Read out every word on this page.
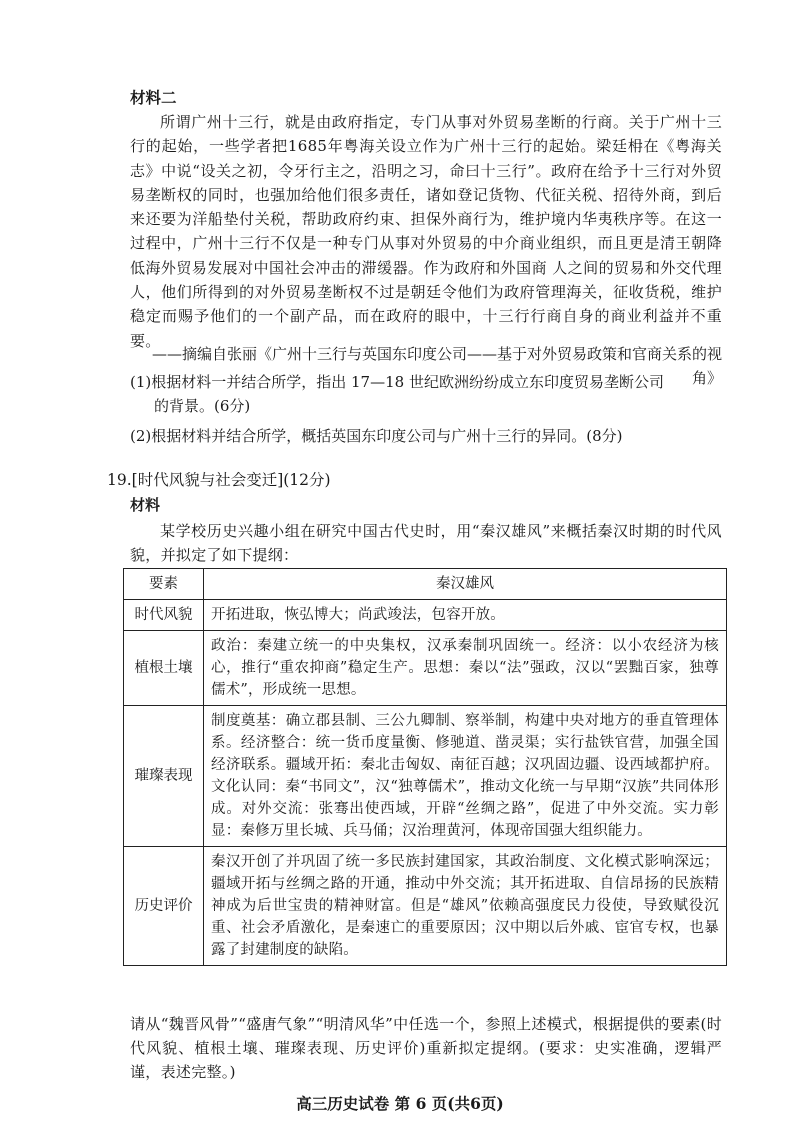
材料二
所谓广州十三行，就是由政府指定，专门从事对外贸易垄断的行商。关于广州十三行的起始，一些学者把1685年粤海关设立作为广州十三行的起始。梁廷枏在《粤海关志》中说“设关之初，令牙行主之，沿明之习，命曰十三行”。政府在给予十三行对外贸易垄断权的同时，也强加给他们很多责任，诸如登记货物、代征关税、招待外商，到后来还要为洋船垫付关税，帮助政府约束、担保外商行为，维护境内华夷秩序等。在这一过程中，广州十三行不仅是一种专门从事对外贸易的中介商业组织，而且更是清王朝降低海外贸易发展对中国社会冲击的滞缓器。作为政府和外国商 人之间的贸易和外交代理人，他们所得到的对外贸易垄断权不过是朝廷令他们为政府管理海关，征收货税，维护稳定而赐予他们的一个副产品，而在政府的眼中，十三行行商自身的商业利益并不重要。
——摘编自张丽《广州十三行与英国东印度公司——基于对外贸易政策和官商关系的视角》
(1)根据材料一并结合所学，指出 17—18 世纪欧洲纷纷成立东印度贸易垄断公司
的背景。(6分)
(2)根据材料并结合所学，概括英国东印度公司与广州十三行的异同。(8分)
19.[时代风貌与社会变迁](12分)
材料
某学校历史兴趣小组在研究中国古代史时，用“秦汉雄风”来概括秦汉时期的时代风貌，并拟定了如下提纲：
要素	秦汉雄风
时代风貌	开拓进取，恢弘博大；尚武竣法，包容开放。
植根土壤	政治：秦建立统一的中央集权，汉承秦制巩固统一。经济：以小农经济为核心，推行“重农抑商”稳定生产。思想：秦以“法”强政，汉以“罢黜百家，独尊儒术”，形成统一思想。
璀璨表现	制度奠基：确立郡县制、三公九卿制、察举制，构建中央对地方的垂直管理体系。经济整合：统一货币度量衡、修驰道、凿灵渠；实行盐铁官营，加强全国经济联系。疆域开拓：秦北击匈奴、南征百越；汉巩固边疆、设西域都护府。文化认同：秦“书同文”，汉“独尊儒术”，推动文化统一与早期“汉族”共同体形成。对外交流：张骞出使西域，开辟“丝绸之路”，促进了中外交流。实力彰显：秦修万里长城、兵马俑；汉治理黄河，体现帝国强大组织能力。
历史评价	秦汉开创了并巩固了统一多民族封建国家，其政治制度、文化模式影响深远；疆域开拓与丝绸之路的开通，推动中外交流；其开拓进取、自信昂扬的民族精神成为后世宝贵的精神财富。但是“雄风”依赖高强度民力役使，导致赋役沉重、社会矛盾激化，是秦速亡的重要原因；汉中期以后外戚、宦官专权，也暴露了封建制度的缺陷。
请从“魏晋风骨”“盛唐气象”“明清风华”中任选一个，参照上述模式，根据提供的要素(时代风貌、植根土壤、璀璨表现、历史评价)重新拟定提纲。(要求：史实准确，逻辑严谨，表述完整。)
高三历史试卷 第 6 页(共6页)
